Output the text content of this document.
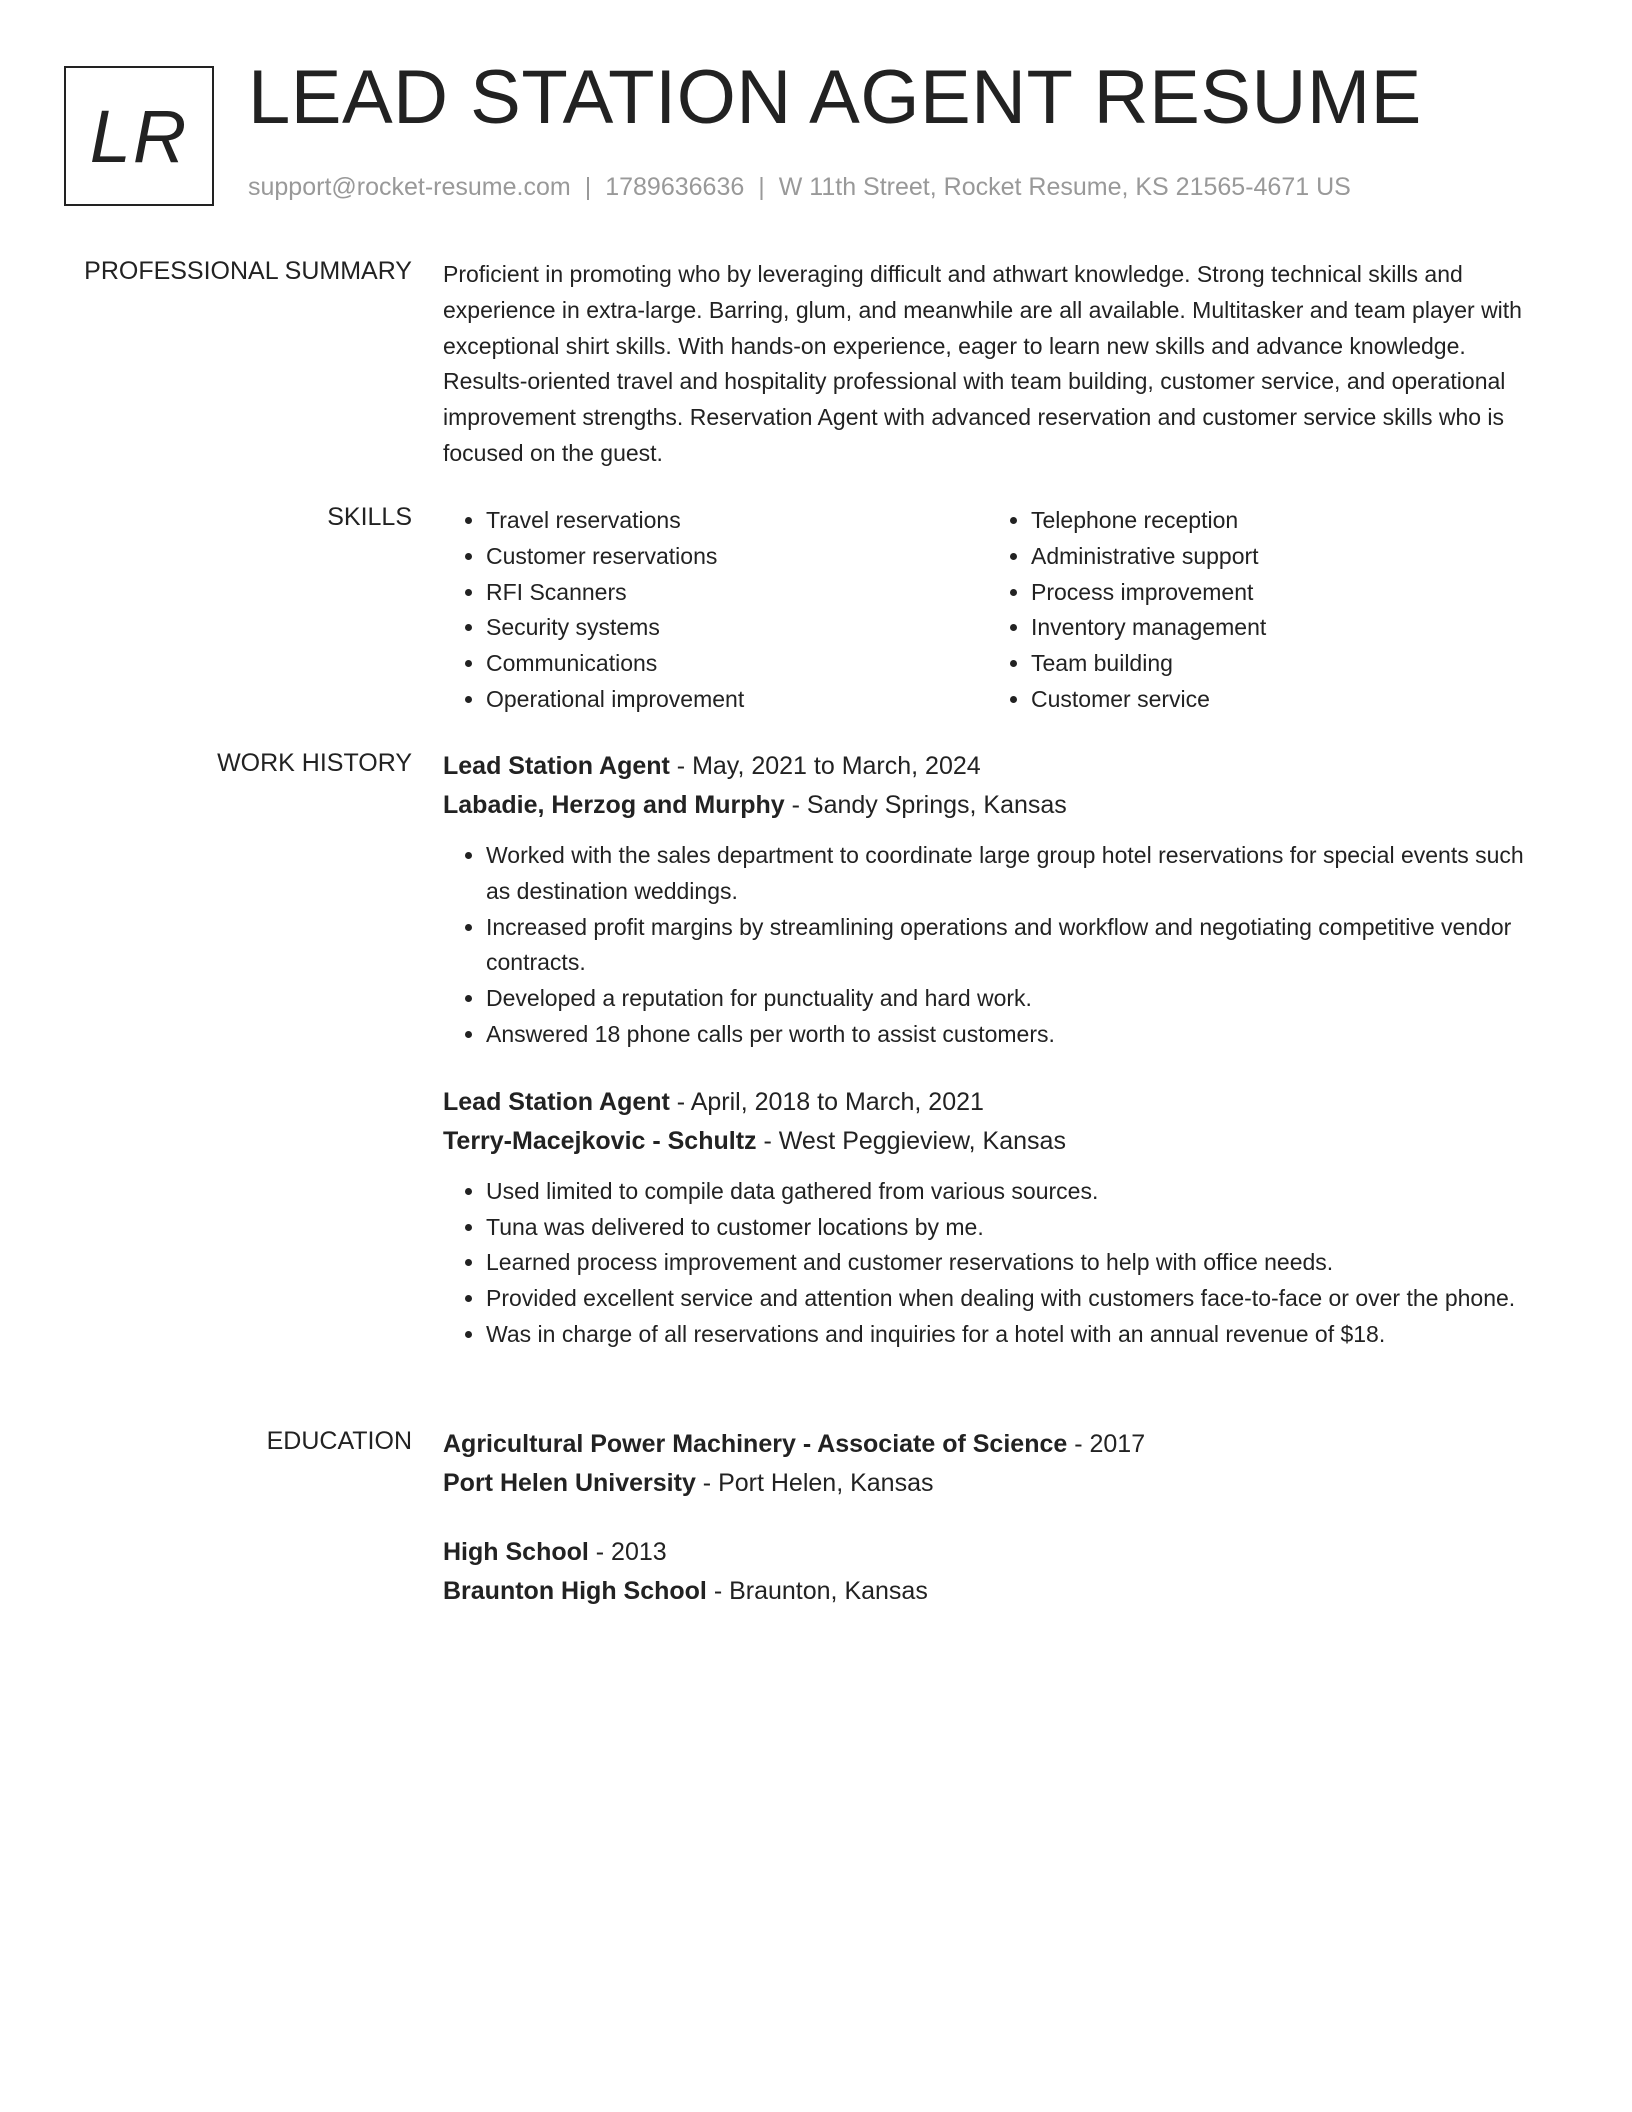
LR LEAD STATION AGENT RESUME
support@rocket-resume.com | 1789636636 | W 11th Street, Rocket Resume, KS 21565-4671 US
PROFESSIONAL SUMMARY Proficient in promoting who by leveraging difficult and athwart knowledge. Strong technical skills and experience in extra-large. Barring, glum, and meanwhile are all available. Multitasker and team player with exceptional shirt skills. With hands-on experience, eager to learn new skills and advance knowledge. Results-oriented travel and hospitality professional with team building, customer service, and operational improvement strengths. Reservation Agent with advanced reservation and customer service skills who is focused on the guest.

SKILLS
•	Travel reservations
• Customer reservations
• RFI Scanners
• Security systems
• Communications
• Operational improvement
• Telephone reception
• Administrative support
• Process improvement
• Inventory management
• Team building
• Customer service
WORK HISTORY Lead Station Agent - May, 2021 to March, 2024
Labadie, Herzog and Murphy - Sandy Springs, Kansas
• Worked with the sales department to coordinate large group hotel reservations for special events such as destination weddings.
• Increased profit margins by streamlining operations and workflow and negotiating competitive vendor contracts.
• Developed a reputation for punctuality and hard work.
• Answered 18 phone calls per worth to assist customers.
Lead Station Agent - April, 2018 to March, 2021
Terry-Macejkovic - Schultz - West Peggieview, Kansas
• Used limited to compile data gathered from various sources.
• Tuna was delivered to customer locations by me.
• Learned process improvement and customer reservations to help with office needs.
• Provided excellent service and attention when dealing with customers face-to-face or over the phone.
• Was in charge of all reservations and inquiries for a hotel with an annual revenue of $18.
EDUCATION Agricultural Power Machinery - Associate of Science - 2017
Port Helen University - Port Helen, Kansas
High School - 2013
Braunton High School - Braunton, Kansas
